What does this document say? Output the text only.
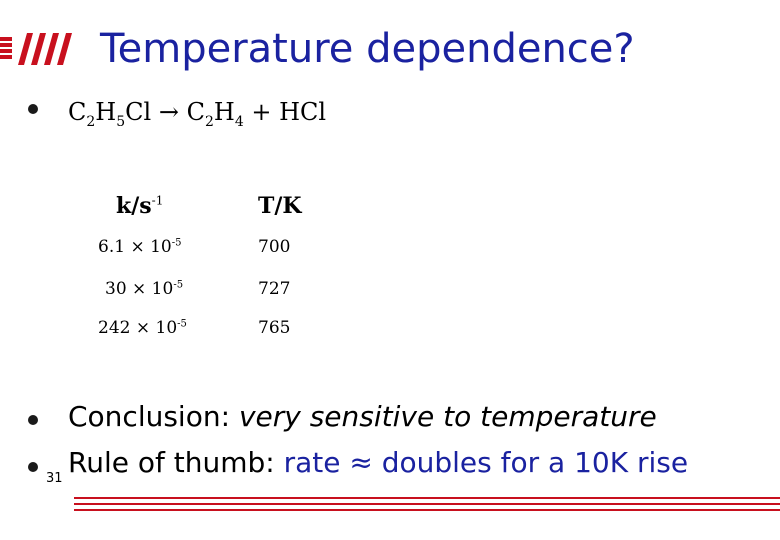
Temperature dependence?
$C_2H_5Cl \to C_2H_4$ + HCl
$k/s^{-1}$	T/K
$6.1 \times 10^{-5}$	700
$30 \times 10^{-5}$	727
$242 \times 10^{-5}$	765
Conclusion: very sensitive to temperature
Rule of thumb: rate ≈ doubles for a 10K rise
31
